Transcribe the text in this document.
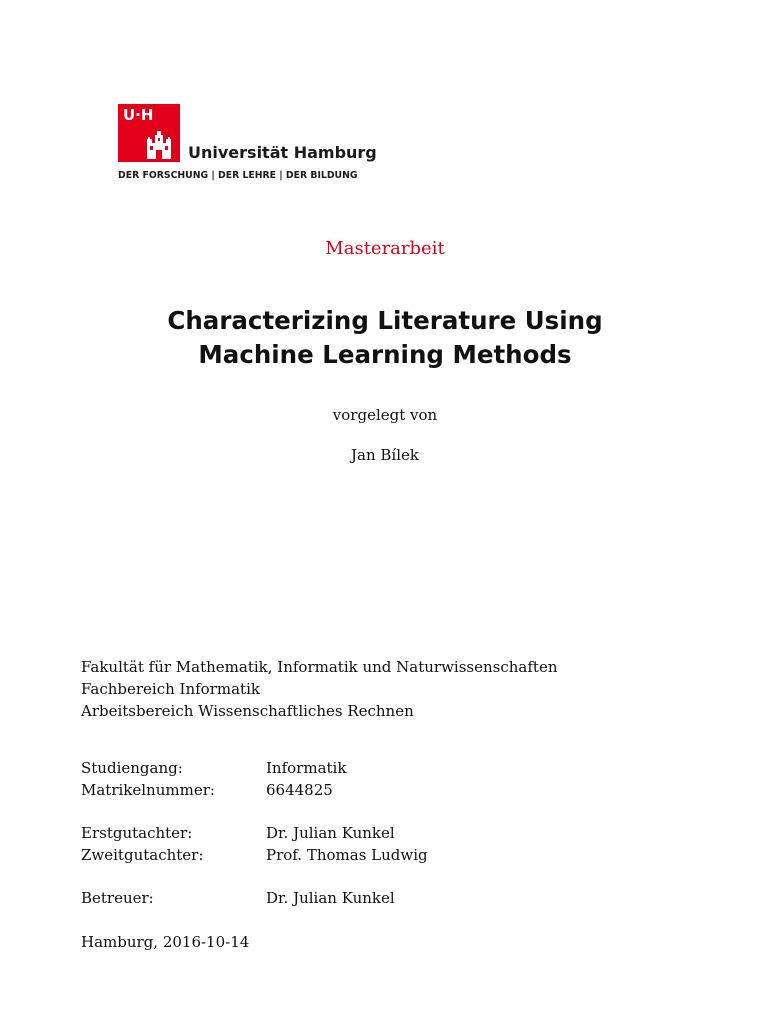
U·H
Universität Hamburg
DER FORSCHUNG | DER LEHRE | DER BILDUNG
Masterarbeit
Characterizing Literature Using
Machine Learning Methods
vorgelegt von
Jan Bílek
Fakultät für Mathematik, Informatik und Naturwissenschaften
Fachbereich Informatik
Arbeitsbereich Wissenschaftliches Rechnen
Studiengang:	Informatik
Matrikelnummer:	6644825
Erstgutachter:	Dr. Julian Kunkel
Zweitgutachter:	Prof. Thomas Ludwig
Betreuer:	Dr. Julian Kunkel
Hamburg, 2016-10-14
